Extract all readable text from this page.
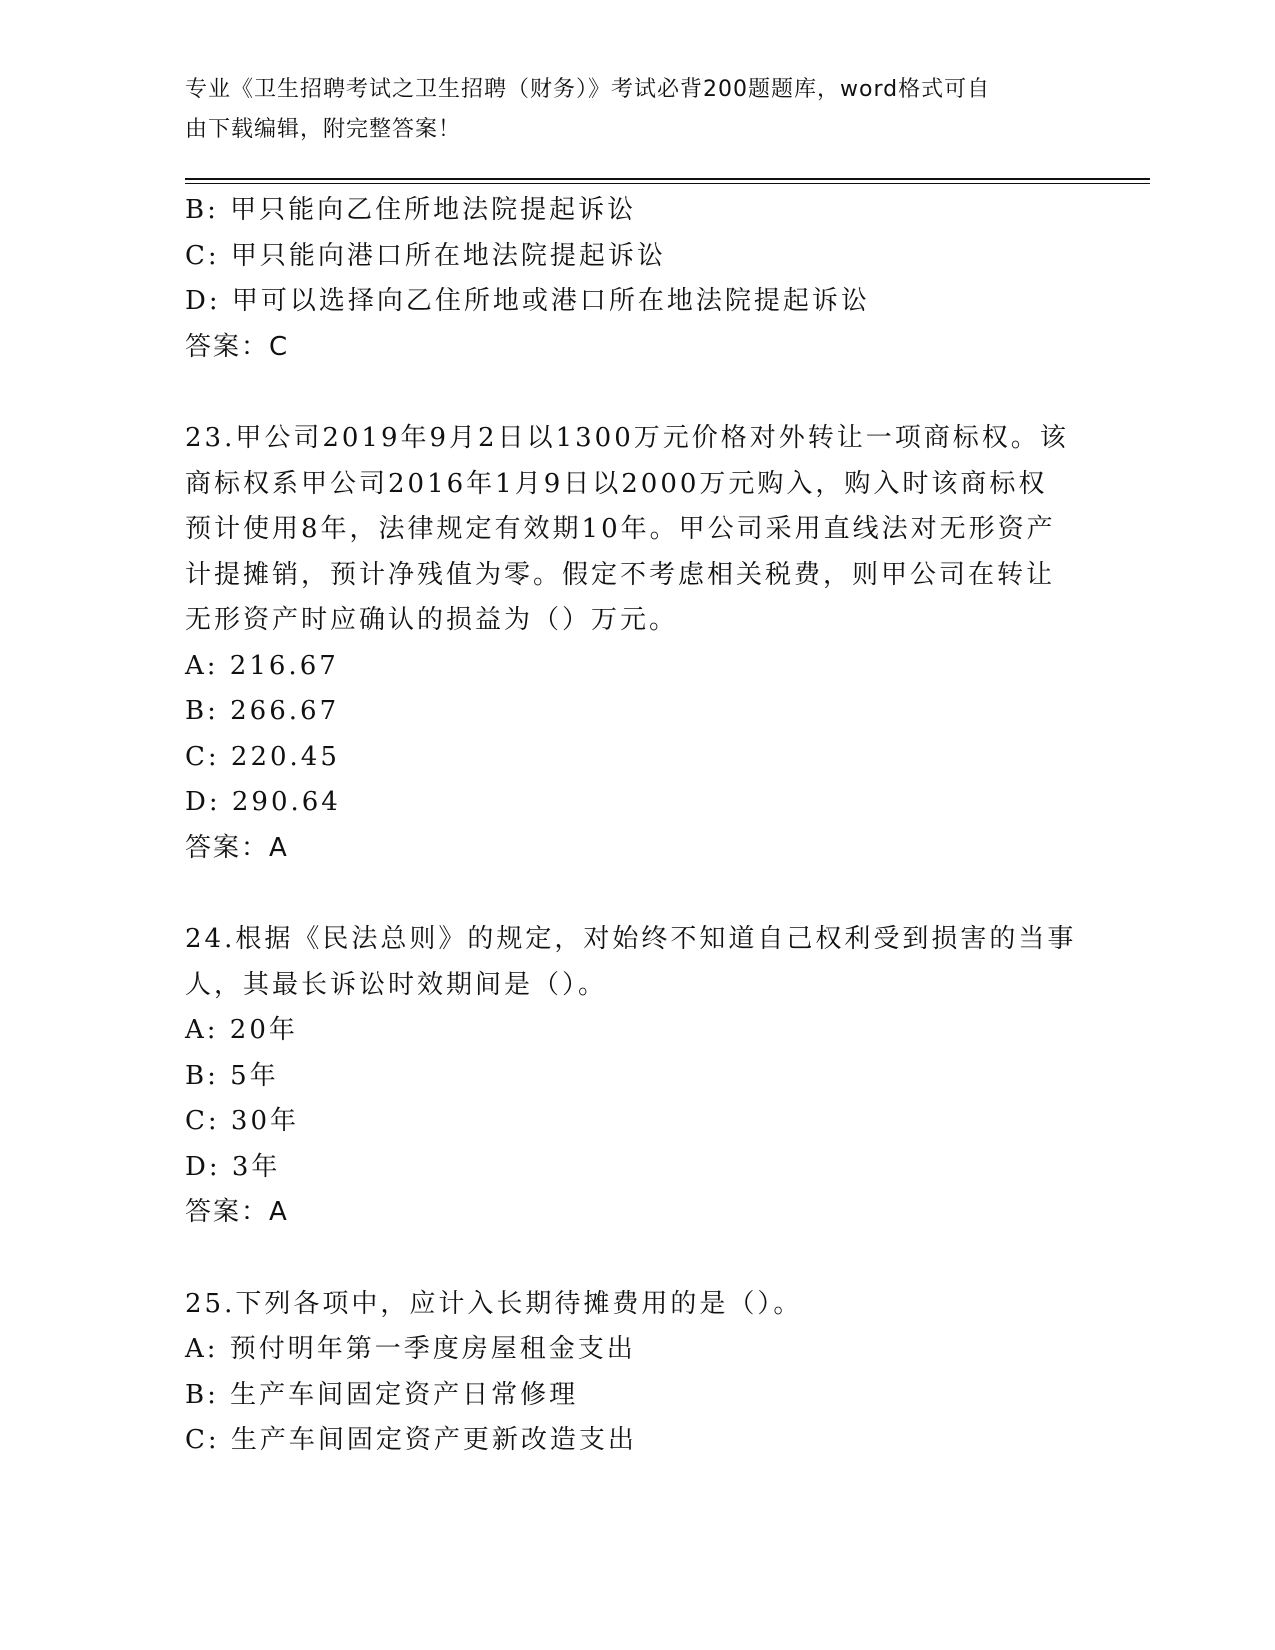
专业《卫生招聘考试之卫生招聘（财务）》考试必背200题题库，word格式可自
由下载编辑，附完整答案！
B: 甲只能向乙住所地法院提起诉讼
C: 甲只能向港口所在地法院提起诉讼
D: 甲可以选择向乙住所地或港口所在地法院提起诉讼
答案：C
23.甲公司2019年9月2日以1300万元价格对外转让一项商标权。该
商标权系甲公司2016年1月9日以2000万元购入，购入时该商标权
预计使用8年，法律规定有效期10年。甲公司采用直线法对无形资产
计提摊销，预计净残值为零。假定不考虑相关税费，则甲公司在转让
无形资产时应确认的损益为（）万元。
A: 216.67
B: 266.67
C: 220.45
D: 290.64
答案：A
24.根据《民法总则》的规定，对始终不知道自己权利受到损害的当事
人，其最长诉讼时效期间是（）。
A: 20年
B: 5年
C: 30年
D: 3年
答案：A
25.下列各项中，应计入长期待摊费用的是（）。
A: 预付明年第一季度房屋租金支出
B: 生产车间固定资产日常修理
C: 生产车间固定资产更新改造支出
